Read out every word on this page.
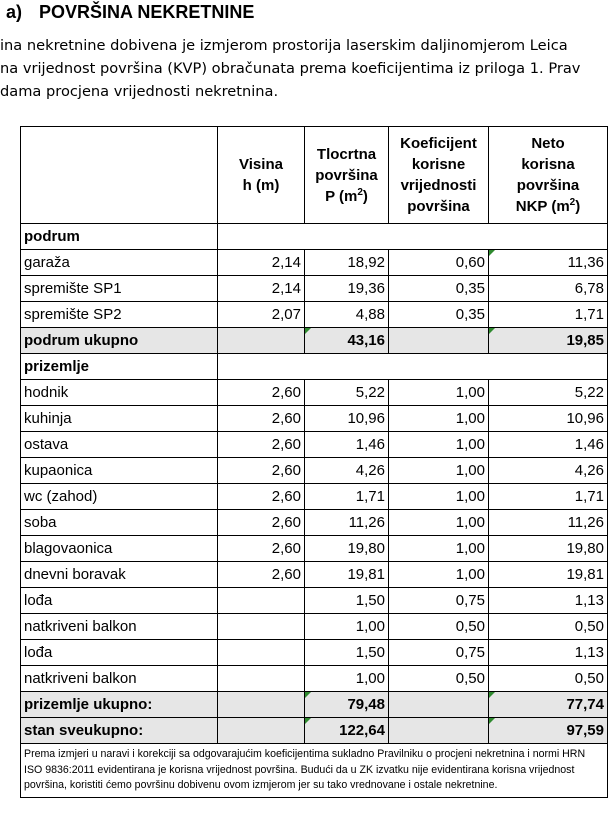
a) POVRŠINA NEKRETNINE
ina nekretnine dobivena je izmjerom prostorija laserskim daljinomjerom Leica
na vrijednost površina (KVP) obračunata prema koeficijentima iz priloga 1. Prav
dama procjena vrijednosti nekretnina.

	Visina
h (m)	Tlocrtna
površina
P $(m^2)$	Koeficijent
korisne
vrijednosti
površina	Neto
korisna
površina
NKP $(m^2)$
podrum				
garaža	2,14	18,92	0,60	11,36
spremište SP1	2,14	19,36	0,35	6,78
spremište SP2	2,07	4,88	0,35	1,71
podrum ukupno		43,16		19,85
prizemlje				
hodnik	2,60	5,22	1,00	5,22
kuhinja	2,60	10,96	1,00	10,96
ostava	2,60	1,46	1,00	1,46
kupaonica	2,60	4,26	1,00	4,26
wc (zahod)	2,60	1,71	1,00	1,71
soba	2,60	11,26	1,00	11,26
blagovaonica	2,60	19,80	1,00	19,80
dnevni boravak	2,60	19,81	1,00	19,81
lođa		1,50	0,75	1,13
natkriveni balkon		1,00	0,50	0,50
lođa		1,50	0,75	1,13
natkriveni balkon		1,00	0,50	0,50
prizemlje ukupno:		79,48		77,74
stan sveukupno:		122,64		97,59
Prema izmjeri u naravi i korekciji sa odgovarajućim koeficijentima sukladno Pravilniku o procjeni nekretnina i normi HRN ISO 9836:2011 evidentirana je korisna vrijednost površina. Budući da u ZK izvatku nije evidentirana korisna vrijednost površina, koristiti ćemo površinu dobivenu ovom izmjerom jer su tako vrednovane i ostale nekretnine.				
